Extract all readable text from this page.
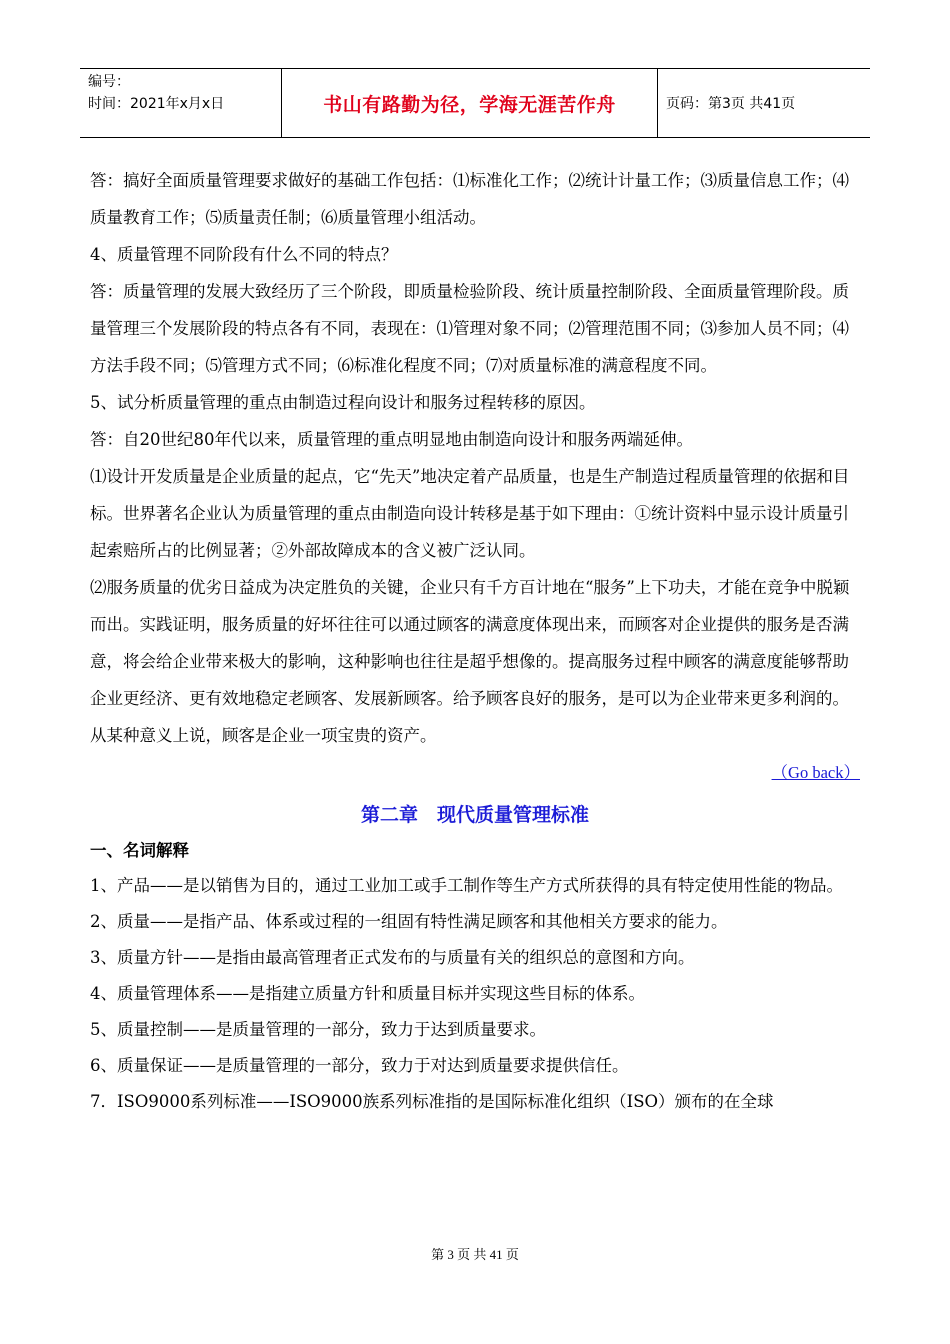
编号：
时间：2021年x月x日	书山有路勤为径，学海无涯苦作舟	页码：第3页 共41页

答：搞好全面质量管理要求做好的基础工作包括：⑴标准化工作；⑵统计计量工作；⑶质量信息工作；⑷质量教育工作；⑸质量责任制；⑹质量管理小组活动。

4、质量管理不同阶段有什么不同的特点？

答：质量管理的发展大致经历了三个阶段，即质量检验阶段、统计质量控制阶段、全面质量管理阶段。质量管理三个发展阶段的特点各有不同，表现在：⑴管理对象不同；⑵管理范围不同；⑶参加人员不同；⑷方法手段不同；⑸管理方式不同；⑹标准化程度不同；⑺对质量标准的满意程度不同。

5、试分析质量管理的重点由制造过程向设计和服务过程转移的原因。

答：自20世纪80年代以来，质量管理的重点明显地由制造向设计和服务两端延伸。

⑴设计开发质量是企业质量的起点，它“先天”地决定着产品质量，也是生产制造过程质量管理的依据和目标。世界著名企业认为质量管理的重点由制造向设计转移是基于如下理由：①统计资料中显示设计质量引起索赔所占的比例显著；②外部故障成本的含义被广泛认同。

⑵服务质量的优劣日益成为决定胜负的关键，企业只有千方百计地在“服务”上下功夫，才能在竞争中脱颖而出。实践证明，服务质量的好坏往往可以通过顾客的满意度体现出来，而顾客对企业提供的服务是否满意，将会给企业带来极大的影响，这种影响也往往是超乎想像的。提高服务过程中顾客的满意度能够帮助企业更经济、更有效地稳定老顾客、发展新顾客。给予顾客良好的服务，是可以为企业带来更多利润的。从某种意义上说，顾客是企业一项宝贵的资产。

（Go back）
第二章　现代质量管理标准
一、名词解释

1、产品——是以销售为目的，通过工业加工或手工制作等生产方式所获得的具有特定使用性能的物品。

2、质量——是指产品、体系或过程的一组固有特性满足顾客和其他相关方要求的能力。

3、质量方针——是指由最高管理者正式发布的与质量有关的组织总的意图和方向。

4、质量管理体系——是指建立质量方针和质量目标并实现这些目标的体系。

5、质量控制——是质量管理的一部分，致力于达到质量要求。

6、质量保证——是质量管理的一部分，致力于对达到质量要求提供信任。

7．ISO9000系列标准——ISO9000族系列标准指的是国际标准化组织（ISO）颁布的在全球

第 3 页 共 41 页
